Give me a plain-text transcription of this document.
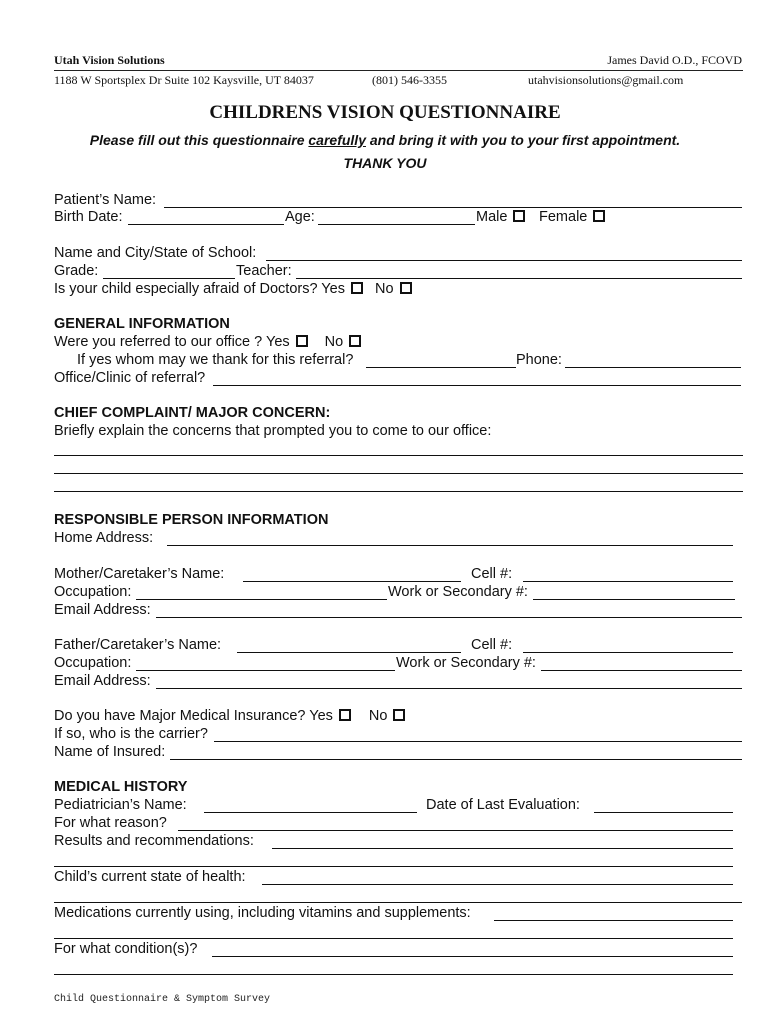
Utah Vision Solutions	James David O.D., FCOVD
1188 W Sportsplex Dr Suite 102 Kaysville, UT 84037	(801) 546-3355	utahvisionsolutions@gmail.com
CHILDRENS VISION QUESTIONNAIRE
Please fill out this questionnaire carefully and bring it with you to your first appointment.
THANK YOU
Patient’s Name:
Birth Date:	Age:	Male	Female
Name and City/State of School:
Grade:	Teacher:
Is your child especially afraid of Doctors? Yes No
GENERAL INFORMATION
Were you referred to our office ? Yes No
If yes whom may we thank for this referral?	Phone:
Office/Clinic of referral?
CHIEF COMPLAINT/ MAJOR CONCERN:
Briefly explain the concerns that prompted you to come to our office:
RESPONSIBLE PERSON INFORMATION
Home Address:
Mother/Caretaker’s Name:	Cell #:
Occupation:	Work or Secondary #:
Email Address:
Father/Caretaker’s Name:	Cell #:
Occupation:	Work or Secondary #:
Email Address:
Do you have Major Medical Insurance? Yes No
If so, who is the carrier?
Name of Insured:
MEDICAL HISTORY
Pediatrician’s Name:	Date of Last Evaluation:
For what reason?
Results and recommendations:
Child’s current state of health:
Medications currently using, including vitamins and supplements:
For what condition(s)?
Child Questionnaire & Symptom Survey
